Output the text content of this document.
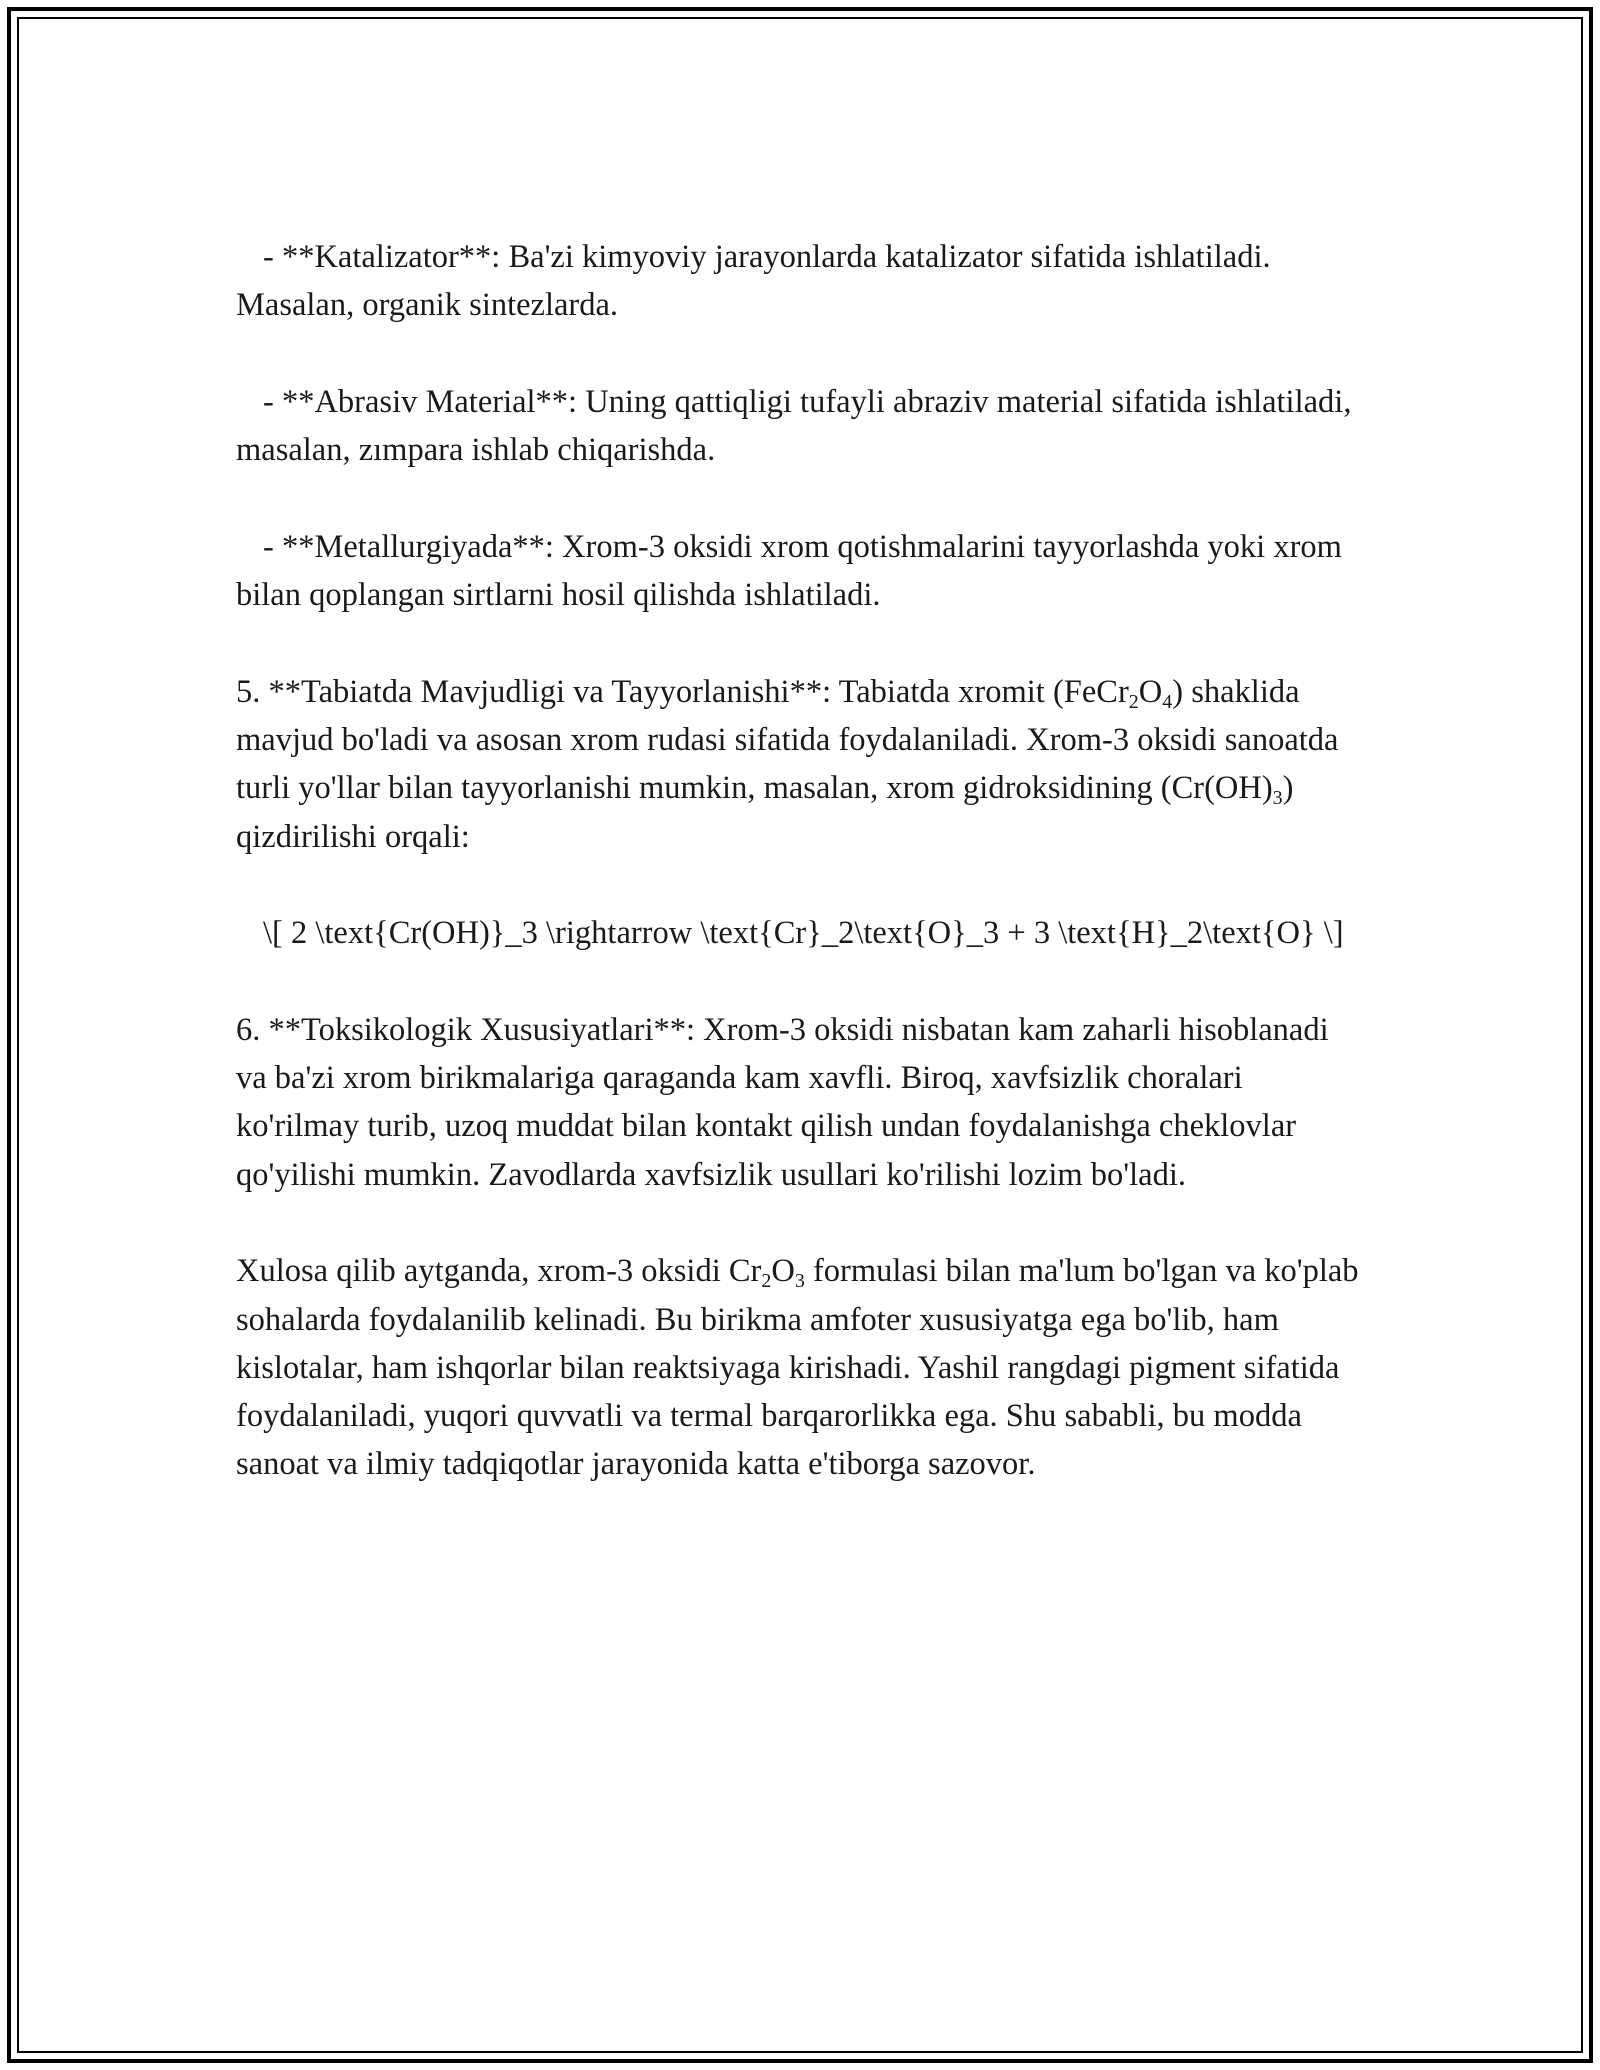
- **Katalizator**: Ba'zi kimyoviy jarayonlarda katalizator sifatida ishlatiladi. Masalan, organik sintezlarda.

- **Abrasiv Material**: Uning qattiqligi tufayli abraziv material sifatida ishlatiladi, masalan, zımpara ishlab chiqarishda.

- **Metallurgiyada**: Xrom-3 oksidi xrom qotishmalarini tayyorlashda yoki xrom bilan qoplangan sirtlarni hosil qilishda ishlatiladi.

5. **Tabiatda Mavjudligi va Tayyorlanishi**: Tabiatda xromit $(FeCr_2O_4)$ shaklida mavjud bo'ladi va asosan xrom rudasi sifatida foydalaniladi. Xrom-3 oksidi sanoatda turli yo'llar bilan tayyorlanishi mumkin, masalan, xrom gidroksidining $(Cr(OH)_3)$ qizdirilishi orqali:

\[ 2 \text{Cr(OH)}_3 \rightarrow \text{Cr}_2\text{O}_3 + 3 \text{H}_2\text{O} \]

6. **Toksikologik Xususiyatlari**: Xrom-3 oksidi nisbatan kam zaharli hisoblanadi va ba'zi xrom birikmalariga qaraganda kam xavfli. Biroq, xavfsizlik choralari ko'rilmay turib, uzoq muddat bilan kontakt qilish undan foydalanishga cheklovlar qo'yilishi mumkin. Zavodlarda xavfsizlik usullari ko'rilishi lozim bo'ladi.

Xulosa qilib aytganda, xrom-3 oksidi $Cr_2O_3$ formulasi bilan ma'lum bo'lgan va ko'plab sohalarda foydalanilib kelinadi. Bu birikma amfoter xususiyatga ega bo'lib, ham kislotalar, ham ishqorlar bilan reaktsiyaga kirishadi. Yashil rangdagi pigment sifatida foydalaniladi, yuqori quvvatli va termal barqarorlikka ega. Shu sababli, bu modda sanoat va ilmiy tadqiqotlar jarayonida katta e'tiborga sazovor.
